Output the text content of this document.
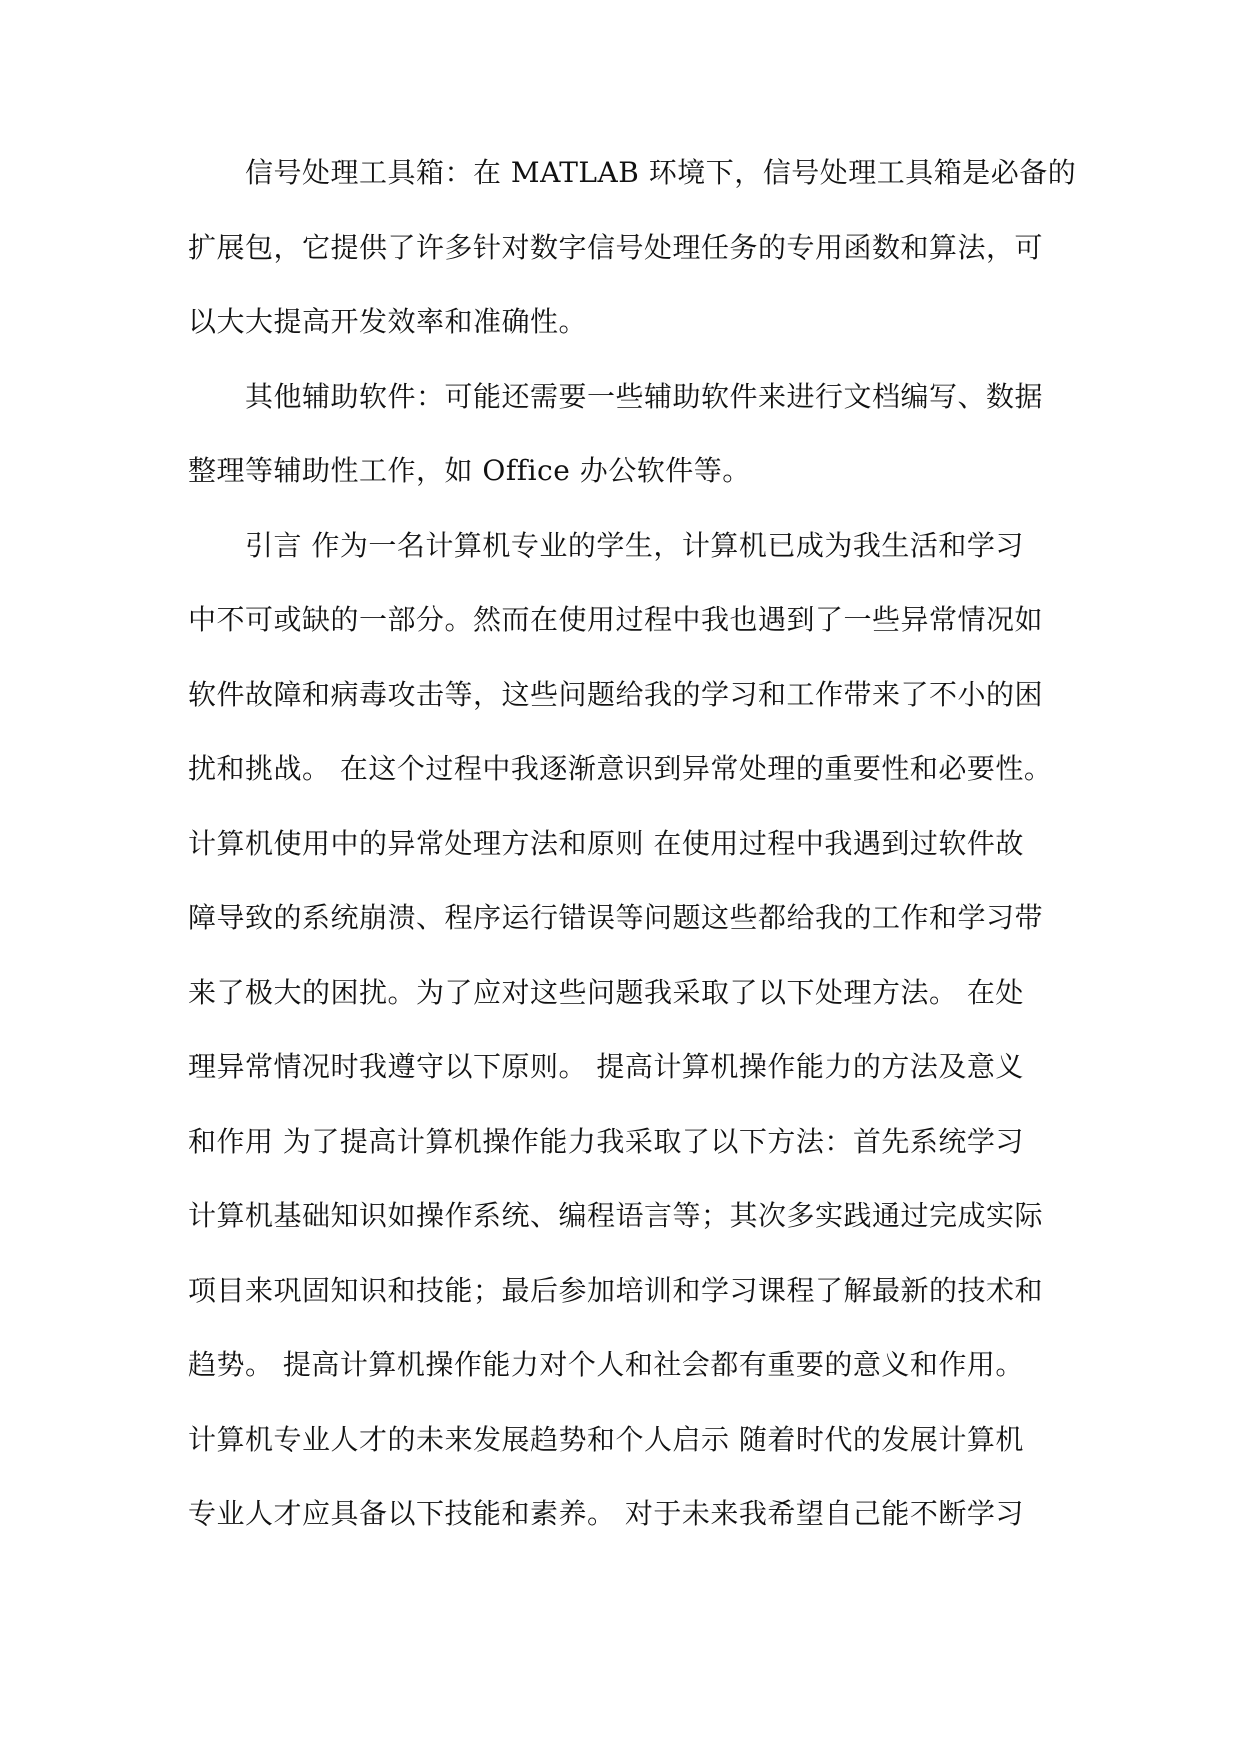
　　信号处理工具箱：在 MATLAB 环境下，信号处理工具箱是必备的
扩展包，它提供了许多针对数字信号处理任务的专用函数和算法，可
以大大提高开发效率和准确性。
　　其他辅助软件：可能还需要一些辅助软件来进行文档编写、数据
整理等辅助性工作，如 Office 办公软件等。
　　引言 作为一名计算机专业的学生，计算机已成为我生活和学习
中不可或缺的一部分。然而在使用过程中我也遇到了一些异常情况如
软件故障和病毒攻击等，这些问题给我的学习和工作带来了不小的困
扰和挑战。 在这个过程中我逐渐意识到异常处理的重要性和必要性。
计算机使用中的异常处理方法和原则 在使用过程中我遇到过软件故
障导致的系统崩溃、程序运行错误等问题这些都给我的工作和学习带
来了极大的困扰。为了应对这些问题我采取了以下处理方法。 在处
理异常情况时我遵守以下原则。 提高计算机操作能力的方法及意义
和作用 为了提高计算机操作能力我采取了以下方法：首先系统学习
计算机基础知识如操作系统、编程语言等；其次多实践通过完成实际
项目来巩固知识和技能；最后参加培训和学习课程了解最新的技术和
趋势。 提高计算机操作能力对个人和社会都有重要的意义和作用。
计算机专业人才的未来发展趋势和个人启示 随着时代的发展计算机
专业人才应具备以下技能和素养。 对于未来我希望自己能不断学习
